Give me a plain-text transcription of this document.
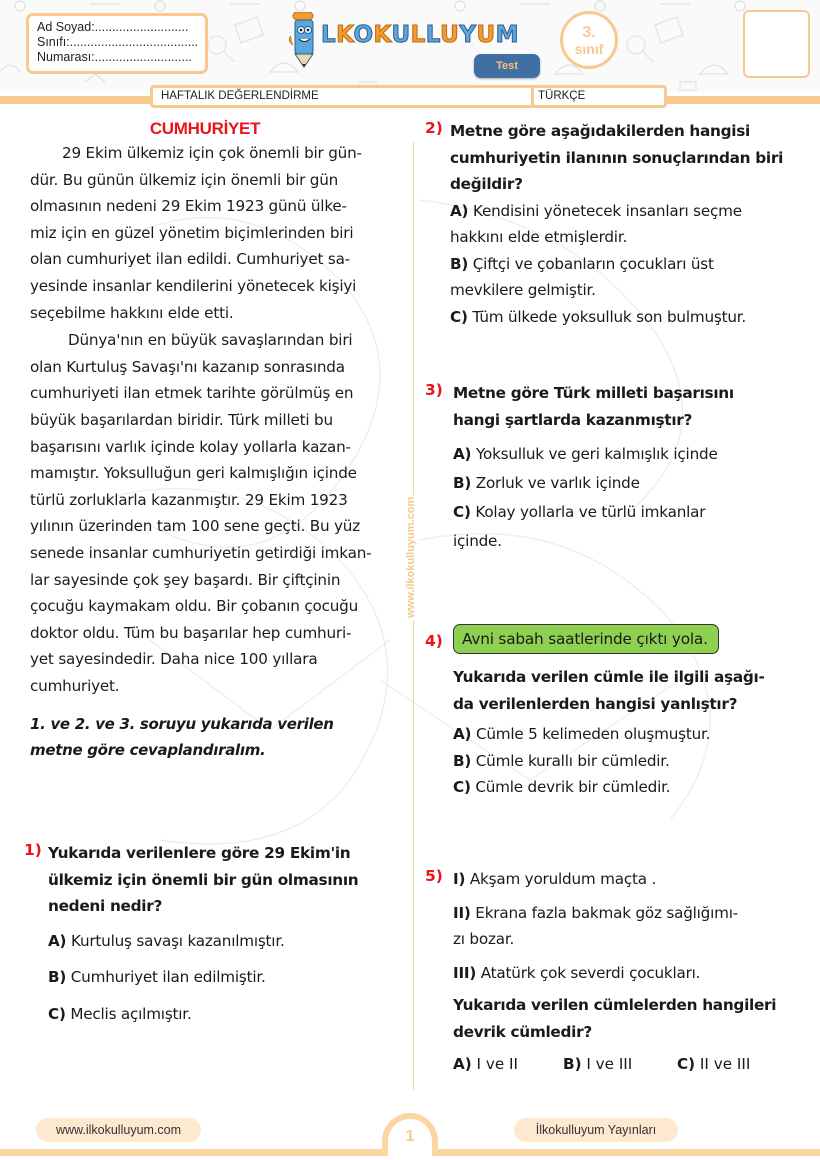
Ad Soyad:...........................
Sınıfı:.....................................
Numarası:............................
LKOKULLUYUM
Test
3.
sınıf
HAFTALIK DEĞERLENDİRME	TÜRKÇE
www.ilkokulluyum.com
CUMHURİYET
29 Ekim ülkemiz için çok önemli bir gün-
dür. Bu günün ülkemiz için önemli bir gün
olmasının nedeni 29 Ekim 1923 günü ülke-
miz için en güzel yönetim biçimlerinden biri
olan cumhuriyet ilan edildi. Cumhuriyet sa-
yesinde insanlar kendilerini yönetecek kişiyi
seçebilme hakkını elde etti.
Dünya'nın en büyük savaşlarından biri
olan Kurtuluş Savaşı'nı kazanıp sonrasında
cumhuriyeti ilan etmek tarihte görülmüş en
büyük başarılardan biridir. Türk milleti bu
başarısını varlık içinde kolay yollarla kazan-
mamıştır. Yoksulluğun geri kalmışlığın içinde
türlü zorluklarla kazanmıştır. 29 Ekim 1923
yılının üzerinden tam 100 sene geçti. Bu yüz
senede insanlar cumhuriyetin getirdiği imkan-
lar sayesinde çok şey başardı. Bir çiftçinin
çocuğu kaymakam oldu. Bir çobanın çocuğu
doktor oldu. Tüm bu başarılar hep cumhuri-
yet sayesindedir. Daha nice 100 yıllara
cumhuriyet.
1. ve 2. ve 3. soruyu yukarıda verilen
metne göre cevaplandıralım.
1) Yukarıda verilenlere göre 29 Ekim'in
ülkemiz için önemli bir gün olmasının
nedeni nedir?
A) Kurtuluş savaşı kazanılmıştır.
B) Cumhuriyet ilan edilmiştir.
C) Meclis açılmıştır.
2) Metne göre aşağıdakilerden hangisi
cumhuriyetin ilanının sonuçlarından biri
değildir?
A) Kendisini yönetecek insanları seçme
hakkını elde etmişlerdir.
B) Çiftçi ve çobanların çocukları üst
mevkilere gelmiştir.
C) Tüm ülkede yoksulluk son bulmuştur.
3) Metne göre Türk milleti başarısını
hangi şartlarda kazanmıştır?
A) Yoksulluk ve geri kalmışlık içinde
B) Zorluk ve varlık içinde
C) Kolay yollarla ve türlü imkanlar
içinde.
4)	Avni sabah saatlerinde çıktı yola.
Yukarıda verilen cümle ile ilgili aşağı-
da verilenlerden hangisi yanlıştır?
A) Cümle 5 kelimeden oluşmuştur.
B) Cümle kurallı bir cümledir.
C) Cümle devrik bir cümledir.
5) I) Akşam yoruldum maçta .
II) Ekrana fazla bakmak göz sağlığımı-
zı bozar.
III) Atatürk çok severdi çocukları.
Yukarıda verilen cümlelerden hangileri
devrik cümledir?
A) I ve II	B) I ve III	C) II ve III
www.ilkokulluyum.com	1	İlkokulluyum Yayınları
